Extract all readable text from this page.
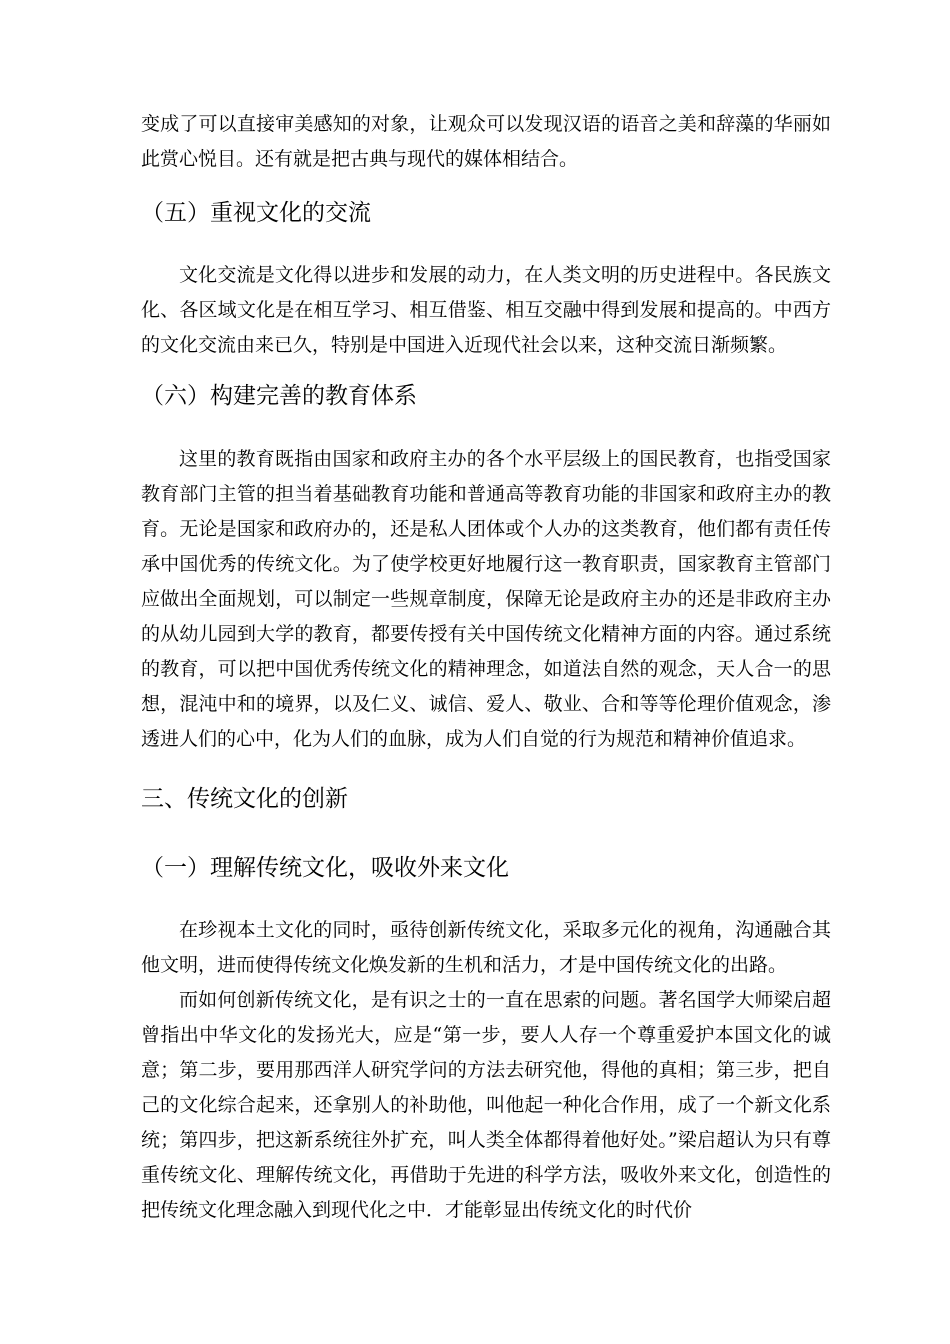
变成了可以直接审美感知的对象，让观众可以发现汉语的语音之美和辞藻的华丽如此赏心悦目。还有就是把古典与现代的媒体相结合。

（五）重视文化的交流

文化交流是文化得以进步和发展的动力，在人类文明的历史进程中。各民族文化、各区域文化是在相互学习、相互借鉴、相互交融中得到发展和提高的。中西方的文化交流由来已久，特别是中国进入近现代社会以来，这种交流日渐频繁。

（六）构建完善的教育体系

这里的教育既指由国家和政府主办的各个水平层级上的国民教育，也指受国家教育部门主管的担当着基础教育功能和普通高等教育功能的非国家和政府主办的教育。无论是国家和政府办的，还是私人团体或个人办的这类教育，他们都有责任传承中国优秀的传统文化。为了使学校更好地履行这一教育职责，国家教育主管部门应做出全面规划，可以制定一些规章制度，保障无论是政府主办的还是非政府主办的从幼儿园到大学的教育，都要传授有关中国传统文化精神方面的内容。通过系统的教育，可以把中国优秀传统文化的精神理念，如道法自然的观念，天人合一的思想，混沌中和的境界，以及仁义、诚信、爱人、敬业、合和等等伦理价值观念，渗透进人们的心中，化为人们的血脉，成为人们自觉的行为规范和精神价值追求。

三、传统文化的创新
（一）理解传统文化，吸收外来文化

在珍视本土文化的同时，亟待创新传统文化，采取多元化的视角，沟通融合其他文明，进而使得传统文化焕发新的生机和活力，才是中国传统文化的出路。

而如何创新传统文化，是有识之士的一直在思索的问题。著名国学大师梁启超曾指出中华文化的发扬光大，应是“第一步，要人人存一个尊重爱护本国文化的诚意；第二步，要用那西洋人研究学问的方法去研究他，得他的真相；第三步，把自己的文化综合起来，还拿别人的补助他，叫他起一种化合作用，成了一个新文化系统；第四步，把这新系统往外扩充，叫人类全体都得着他好处。”梁启超认为只有尊重传统文化、理解传统文化，再借助于先进的科学方法，吸收外来文化，创造性的把传统文化理念融入到现代化之中．才能彰显出传统文化的时代价
